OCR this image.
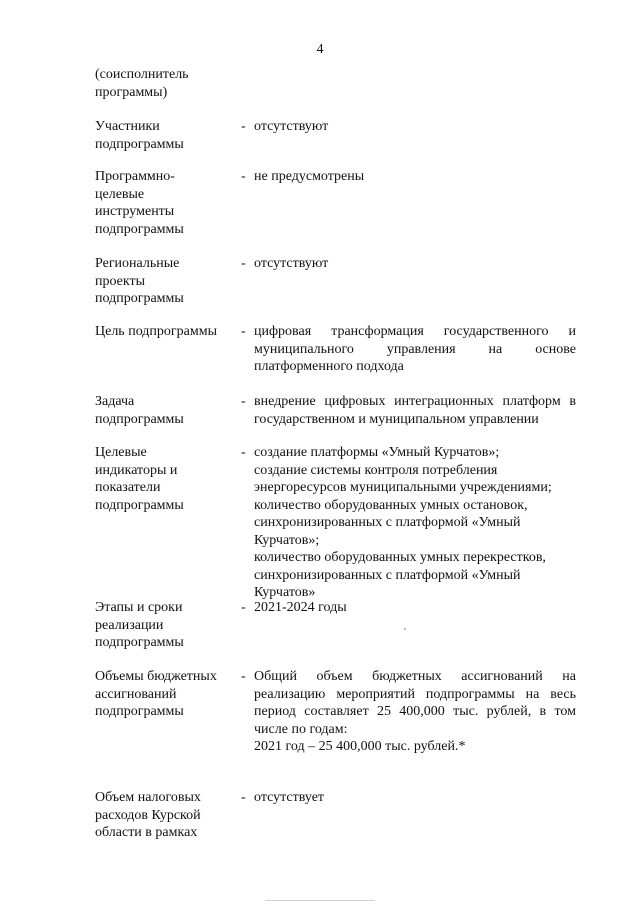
4
(соисполнитель программы)
Участники подпрограммы
- отсутствуют

Программно- целевые инструменты подпрограммы
- не предусмотрены

Региональные проекты подпрограммы
- отсутствуют

Цель подпрограммы	- цифровая трансформация государственного и муниципального управления на основе платформенного подхода

Задача подпрограммы
- внедрение цифровых интеграционных платформ в государственном и муниципальном управлении

Целевые индикаторы и показатели подпрограммы
- создание платформы «Умный Курчатов»;

создание системы контроля потребления энергоресурсов муниципальными учреждениями;

количество оборудованных умных остановок, синхронизированных с платформой «Умный Курчатов»;

количество оборудованных умных перекрестков, синхронизированных с платформой «Умный Курчатов»

Этапы и сроки реализации подпрограммы
- 2021-2024 годы

Объемы бюджетных ассигнований подпрограммы
- Общий объем бюджетных ассигнований на реализацию мероприятий подпрограммы на весь период составляет 25 400,000 тыс. рублей, в том числе по годам:

2021 год – 25 400,000 тыс. рублей.*

Объем налоговых расходов Курской области в рамках
- отсутствует
